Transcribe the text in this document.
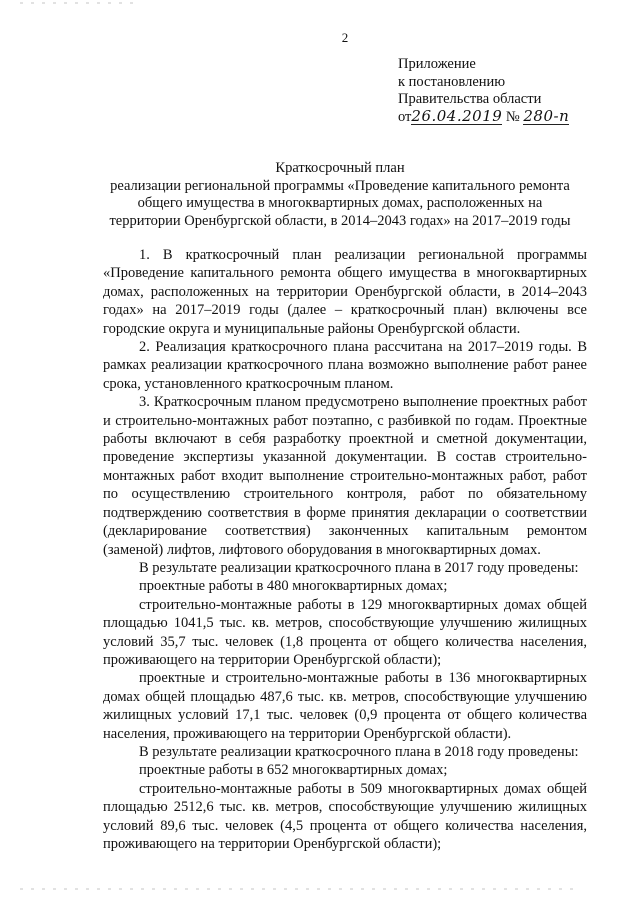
2
Приложение
к постановлению
Правительства области
от26.04.2019 № 280-п
Краткосрочный план
реализации региональной программы «Проведение капитального ремонта
общего имущества в многоквартирных домах, расположенных на
территории Оренбургской области, в 2014–2043 годах» на 2017–2019 годы

1. В краткосрочный план реализации региональной программы «Проведение капитального ремонта общего имущества в многоквартирных домах, расположенных на территории Оренбургской области, в 2014–2043 годах» на 2017–2019 годы (далее – краткосрочный план) включены все городские округа и муниципальные районы Оренбургской области.

2. Реализация краткосрочного плана рассчитана на 2017–2019 годы. В рамках реализации краткосрочного плана возможно выполнение работ ранее срока, установленного краткосрочным планом.

3. Краткосрочным планом предусмотрено выполнение проектных работ и строительно-монтажных работ поэтапно, с разбивкой по годам. Проектные работы включают в себя разработку проектной и сметной документации, проведение экспертизы указанной документации. В состав строительно-монтажных работ входит выполнение строительно-монтажных работ, работ по осуществлению строительного контроля, работ по обязательному подтверждению соответствия в форме принятия декларации о соответствии (декларирование соответствия) законченных капитальным ремонтом (заменой) лифтов, лифтового оборудования в многоквартирных домах.

В результате реализации краткосрочного плана в 2017 году проведены:

проектные работы в 480 многоквартирных домах;

строительно-монтажные работы в 129 многоквартирных домах общей площадью 1041,5 тыс. кв. метров, способствующие улучшению жилищных условий 35,7 тыс. человек (1,8 процента от общего количества населения, проживающего на территории Оренбургской области);

проектные и строительно-монтажные работы в 136 многоквартирных домах общей площадью 487,6 тыс. кв. метров, способствующие улучшению жилищных условий 17,1 тыс. человек (0,9 процента от общего количества населения, проживающего на территории Оренбургской области).

В результате реализации краткосрочного плана в 2018 году проведены:

проектные работы в 652 многоквартирных домах;

строительно-монтажные работы в 509 многоквартирных домах общей площадью 2512,6 тыс. кв. метров, способствующие улучшению жилищных условий 89,6 тыс. человек (4,5 процента от общего количества населения, проживающего на территории Оренбургской области);
